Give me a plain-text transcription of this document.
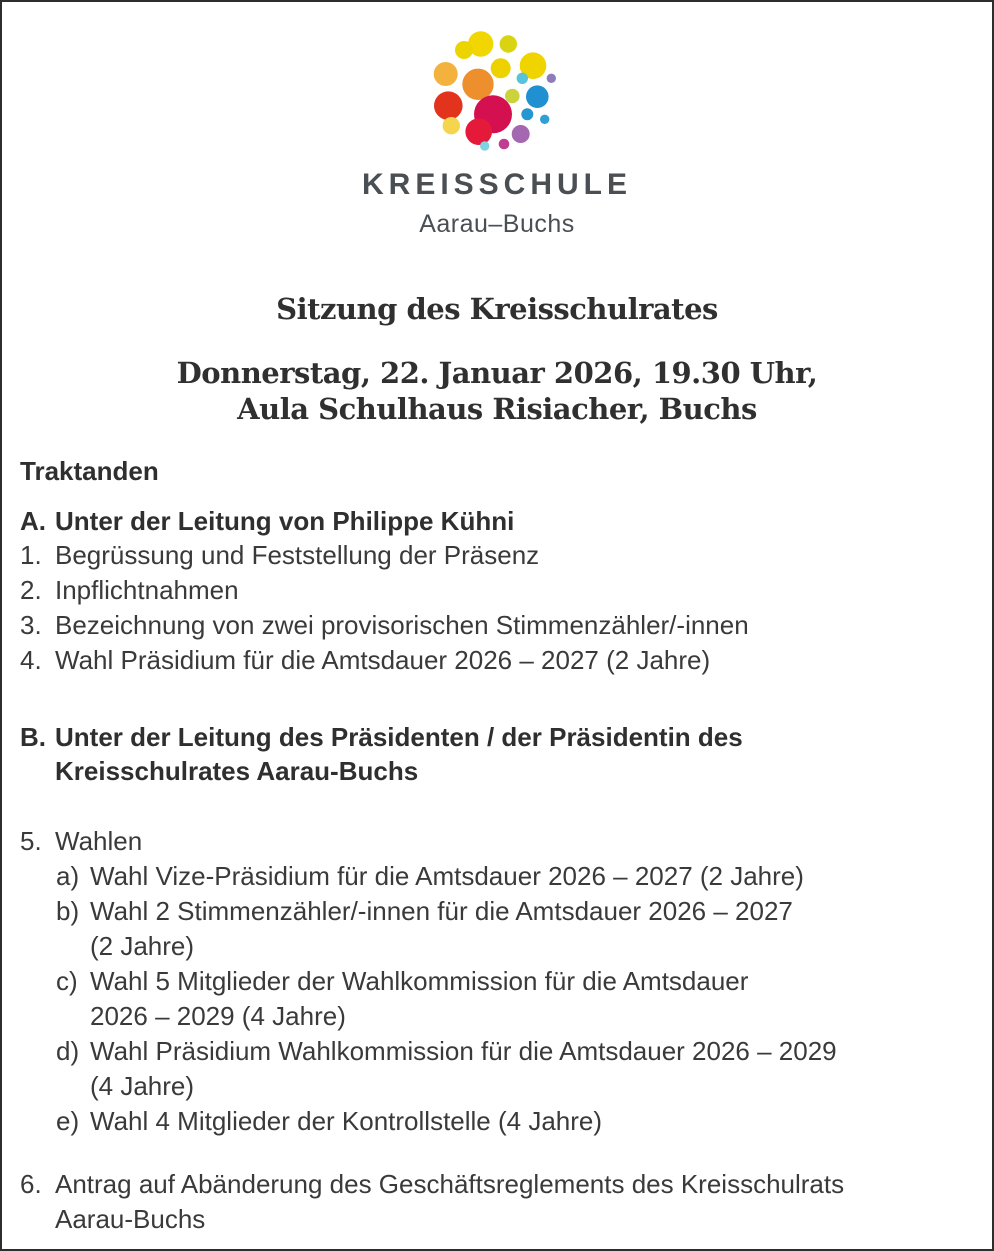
KREISSCHULE
Aarau–Buchs
Sitzung des Kreisschulrates
Donnerstag, 22. Januar 2026, 19.30 Uhr,
Aula Schulhaus Risiacher, Buchs
Traktanden
A. Unter der Leitung von Philippe Kühni
1. Begrüssung und Feststellung der Präsenz
2. Inpflichtnahmen
3. Bezeichnung von zwei provisorischen Stimmenzähler/-innen
4. Wahl Präsidium für die Amtsdauer 2026 – 2027 (2 Jahre)
B. Unter der Leitung des Präsidenten / der Präsidentin des
Kreisschulrates Aarau-Buchs
5. Wahlen
a) Wahl Vize-Präsidium für die Amtsdauer 2026 – 2027 (2 Jahre)
b) Wahl 2 Stimmenzähler/-innen für die Amtsdauer 2026 – 2027
(2 Jahre)
c) Wahl 5 Mitglieder der Wahlkommission für die Amtsdauer
2026 – 2029 (4 Jahre)
d) Wahl Präsidium Wahlkommission für die Amtsdauer 2026 – 2029
(4 Jahre)
e) Wahl 4 Mitglieder der Kontrollstelle (4 Jahre)
6. Antrag auf Abänderung des Geschäftsreglements des Kreisschulrats
Aarau-Buchs
